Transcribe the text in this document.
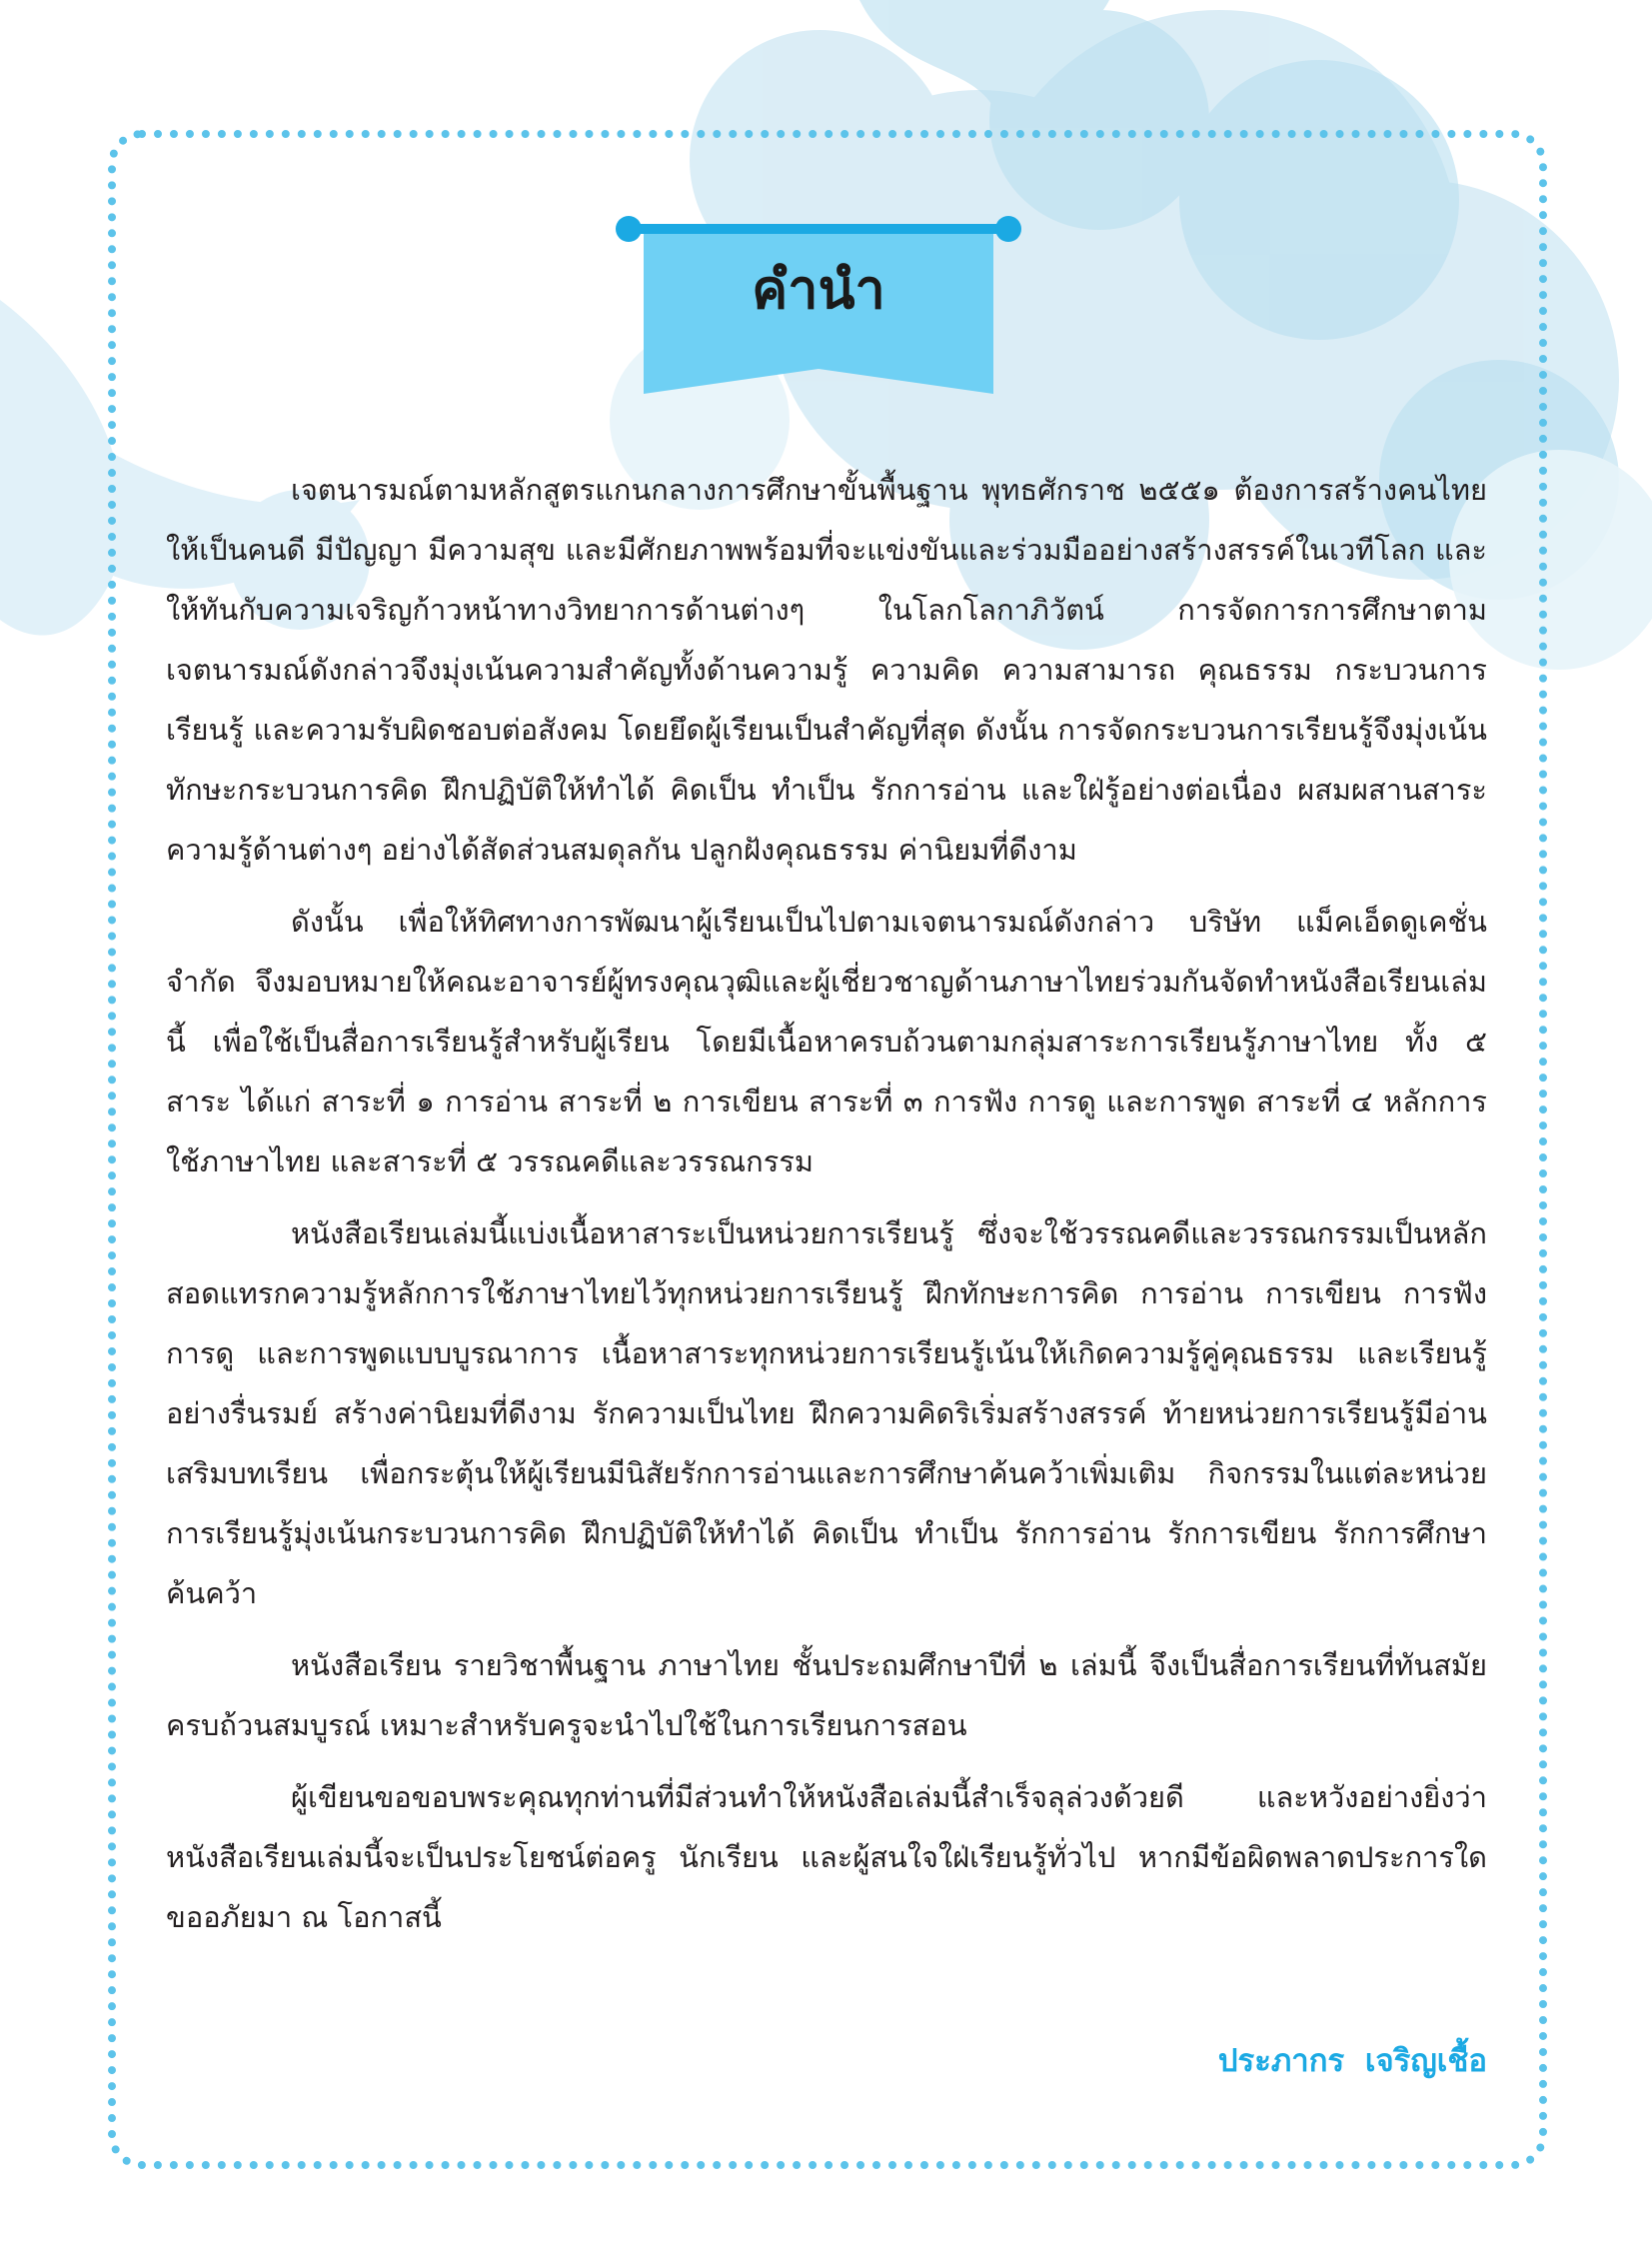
คำนำ

เจตนารมณ์ตามหลักสูตรแกนกลางการศึกษาขั้นพื้นฐาน พุทธศักราช ๒๕๕๑ ต้องการสร้างคนไทยให้เป็นคนดี มีปัญญา มีความสุข และมีศักยภาพพร้อมที่จะแข่งขันและร่วมมืออย่างสร้างสรรค์ในเวทีโลก และให้ทันกับความเจริญก้าวหน้าทางวิทยาการด้านต่างๆ ในโลกโลกาภิวัตน์ การจัดการการศึกษาตามเจตนารมณ์ดังกล่าวจึงมุ่งเน้นความสำคัญทั้งด้านความรู้ ความคิด ความสามารถ คุณธรรม กระบวนการเรียนรู้ และความรับผิดชอบต่อสังคม โดยยึดผู้เรียนเป็นสำคัญที่สุด ดังนั้น การจัดกระบวนการเรียนรู้จึงมุ่งเน้นทักษะกระบวนการคิด ฝึกปฏิบัติให้ทำได้ คิดเป็น ทำเป็น รักการอ่าน และใฝ่รู้อย่างต่อเนื่อง ผสมผสานสาระความรู้ด้านต่างๆ อย่างได้สัดส่วนสมดุลกัน ปลูกฝังคุณธรรม ค่านิยมที่ดีงาม

ดังนั้น เพื่อให้ทิศทางการพัฒนาผู้เรียนเป็นไปตามเจตนารมณ์ดังกล่าว บริษัท แม็คเอ็ดดูเคชั่น จำกัด จึงมอบหมายให้คณะอาจารย์ผู้ทรงคุณวุฒิและผู้เชี่ยวชาญด้านภาษาไทยร่วมกันจัดทำหนังสือเรียนเล่มนี้ เพื่อใช้เป็นสื่อการเรียนรู้สำหรับผู้เรียน โดยมีเนื้อหาครบถ้วนตามกลุ่มสาระการเรียนรู้ภาษาไทย ทั้ง ๕ สาระ ได้แก่ สาระที่ ๑ การอ่าน สาระที่ ๒ การเขียน สาระที่ ๓ การฟัง การดู และการพูด สาระที่ ๔ หลักการใช้ภาษาไทย และสาระที่ ๕ วรรณคดีและวรรณกรรม

หนังสือเรียนเล่มนี้แบ่งเนื้อหาสาระเป็นหน่วยการเรียนรู้ ซึ่งจะใช้วรรณคดีและวรรณกรรมเป็นหลัก สอดแทรกความรู้หลักการใช้ภาษาไทยไว้ทุกหน่วยการเรียนรู้ ฝึกทักษะการคิด การอ่าน การเขียน การฟัง การดู และการพูดแบบบูรณาการ เนื้อหาสาระทุกหน่วยการเรียนรู้เน้นให้เกิดความรู้คู่คุณธรรม และเรียนรู้อย่างรื่นรมย์ สร้างค่านิยมที่ดีงาม รักความเป็นไทย ฝึกความคิดริเริ่มสร้างสรรค์ ท้ายหน่วยการเรียนรู้มีอ่านเสริมบทเรียน เพื่อกระตุ้นให้ผู้เรียนมีนิสัยรักการอ่านและการศึกษาค้นคว้าเพิ่มเติม กิจกรรมในแต่ละหน่วยการเรียนรู้มุ่งเน้นกระบวนการคิด ฝึกปฏิบัติให้ทำได้ คิดเป็น ทำเป็น รักการอ่าน รักการเขียน รักการศึกษาค้นคว้า

หนังสือเรียน รายวิชาพื้นฐาน ภาษาไทย ชั้นประถมศึกษาปีที่ ๒ เล่มนี้ จึงเป็นสื่อการเรียนที่ทันสมัยครบถ้วนสมบูรณ์ เหมาะสำหรับครูจะนำไปใช้ในการเรียนการสอน

ผู้เขียนขอขอบพระคุณทุกท่านที่มีส่วนทำให้หนังสือเล่มนี้สำเร็จลุล่วงด้วยดี และหวังอย่างยิ่งว่าหนังสือเรียนเล่มนี้จะเป็นประโยชน์ต่อครู นักเรียน และผู้สนใจใฝ่เรียนรู้ทั่วไป หากมีข้อผิดพลาดประการใดขออภัยมา ณ โอกาสนี้

ประภากร เจริญเชื้อ
